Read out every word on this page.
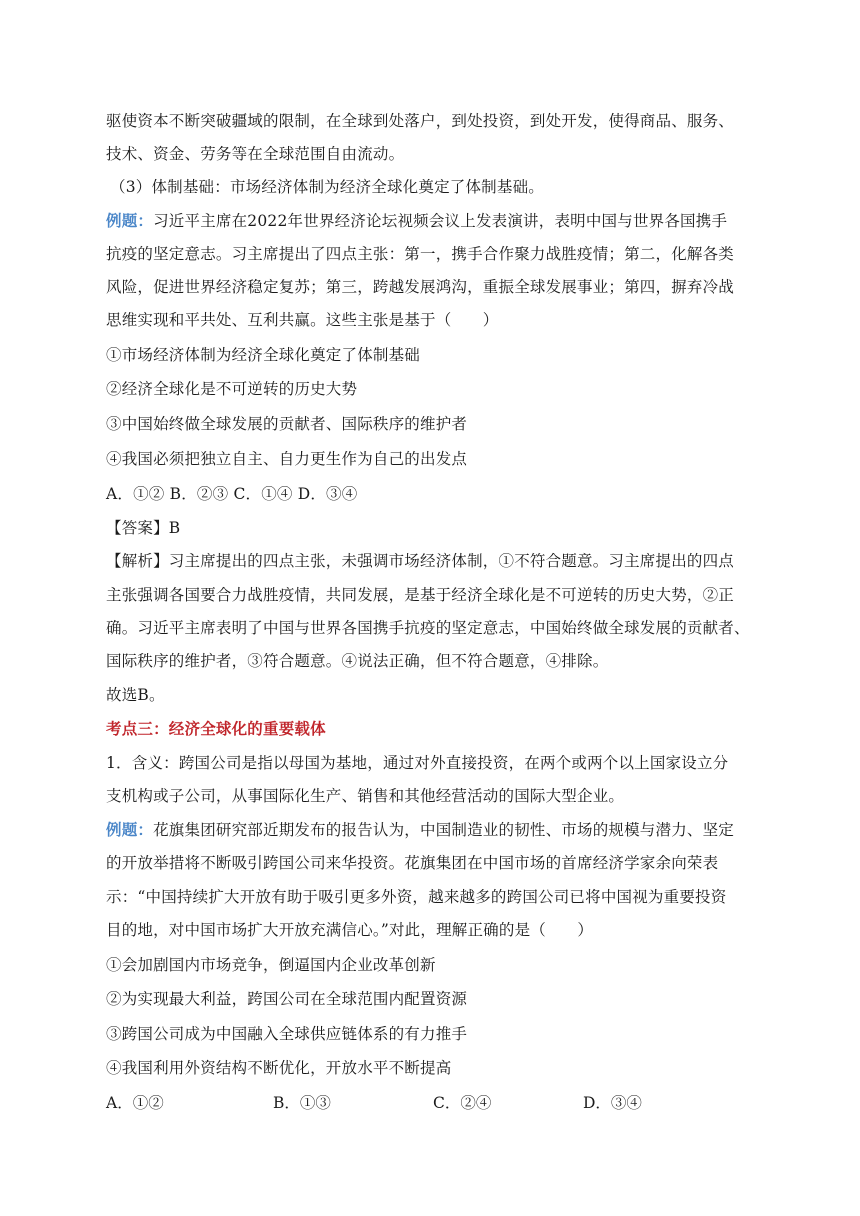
驱使资本不断突破疆域的限制，在全球到处落户，到处投资，到处开发，使得商品、服务、
技术、资金、劳务等在全球范围自由流动。
（3）体制基础：市场经济体制为经济全球化奠定了体制基础。
例题：习近平主席在2022年世界经济论坛视频会议上发表演讲，表明中国与世界各国携手
抗疫的坚定意志。习主席提出了四点主张：第一，携手合作聚力战胜疫情；第二，化解各类
风险，促进世界经济稳定复苏；第三，跨越发展鸿沟，重振全球发展事业；第四，摒弃冷战
思维实现和平共处、互利共赢。这些主张是基于（　　）
①市场经济体制为经济全球化奠定了体制基础
②经济全球化是不可逆转的历史大势
③中国始终做全球发展的贡献者、国际秩序的维护者
④我国必须把独立自主、自力更生作为自己的出发点
A．①② B．②③ C．①④ D．③④
【答案】B
【解析】习主席提出的四点主张，未强调市场经济体制，①不符合题意。习主席提出的四点
主张强调各国要合力战胜疫情，共同发展，是基于经济全球化是不可逆转的历史大势，②正
确。习近平主席表明了中国与世界各国携手抗疫的坚定意志，中国始终做全球发展的贡献者、
国际秩序的维护者，③符合题意。④说法正确，但不符合题意，④排除。
故选B。
考点三：经济全球化的重要载体
1．含义：跨国公司是指以母国为基地，通过对外直接投资，在两个或两个以上国家设立分
支机构或子公司，从事国际化生产、销售和其他经营活动的国际大型企业。
例题：花旗集团研究部近期发布的报告认为，中国制造业的韧性、市场的规模与潜力、坚定
的开放举措将不断吸引跨国公司来华投资。花旗集团在中国市场的首席经济学家余向荣表
示：“中国持续扩大开放有助于吸引更多外资，越来越多的跨国公司已将中国视为重要投资
目的地，对中国市场扩大开放充满信心。”对此，理解正确的是（　　）
①会加剧国内市场竞争，倒逼国内企业改革创新
②为实现最大利益，跨国公司在全球范围内配置资源
③跨国公司成为中国融入全球供应链体系的有力推手
④我国利用外资结构不断优化，开放水平不断提高
A．①②	B．①③	C．②④	D．③④
